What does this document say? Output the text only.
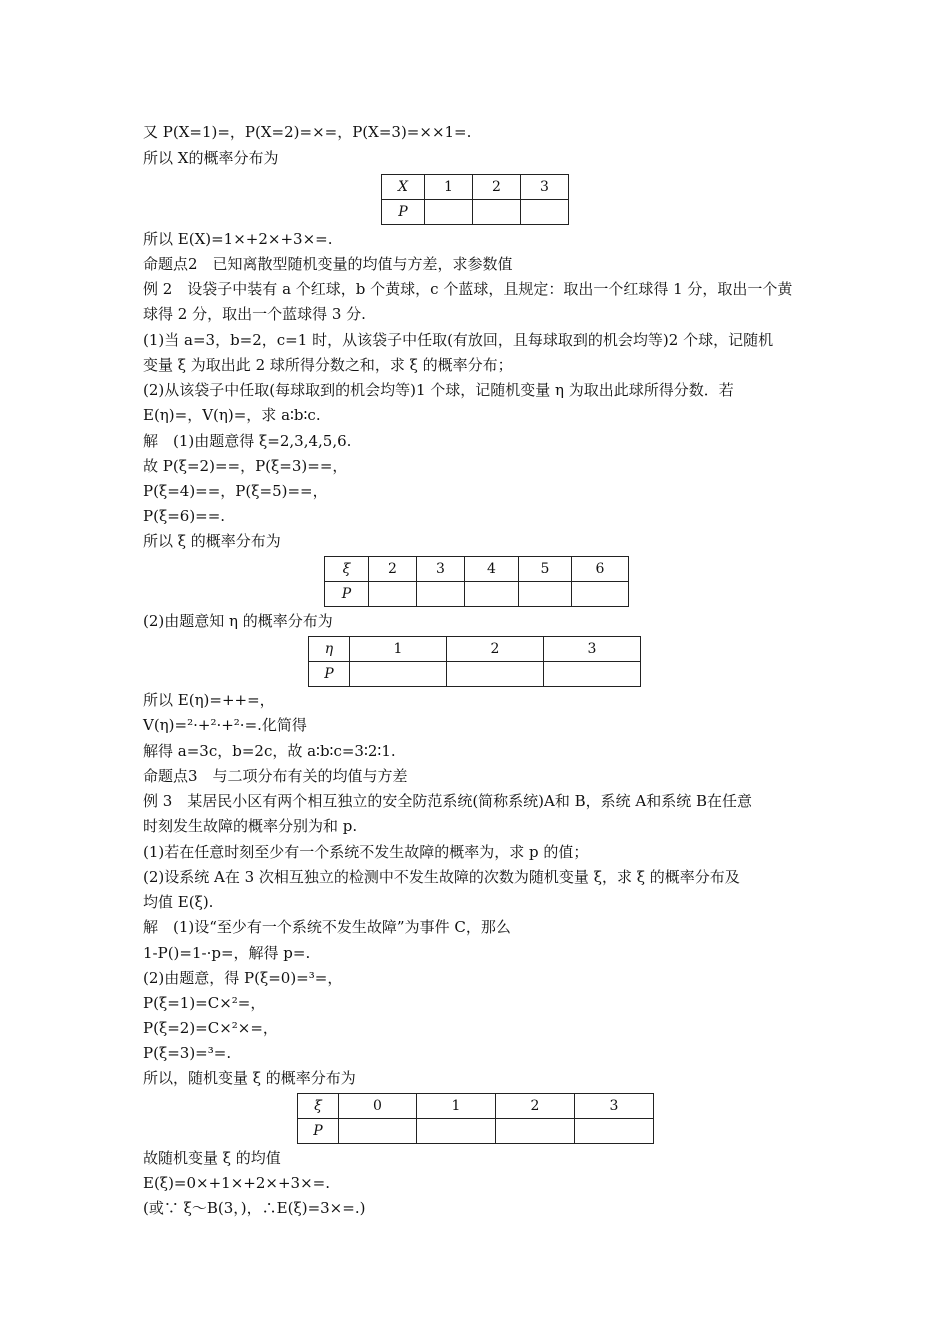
又 P(X=1)=，P(X=2)=×=，P(X=3)=××1=.
所以 X的概率分布为
X	1	2	3
P			
所以 E(X)=1×+2×+3×=.
命题点2　已知离散型随机变量的均值与方差，求参数值
例 2　设袋子中装有 a 个红球，b 个黄球，c 个蓝球，且规定：取出一个红球得 1 分，取出一个黄
球得 2 分，取出一个蓝球得 3 分.
(1)当 a=3，b=2，c=1 时，从该袋子中任取(有放回，且每球取到的机会均等)2 个球，记随机
变量 ξ 为取出此 2 球所得分数之和，求 ξ 的概率分布；
(2)从该袋子中任取(每球取到的机会均等)1 个球，记随机变量 η 为取出此球所得分数．若
E(η)=，V(η)=，求 a∶b∶c.
解　(1)由题意得 ξ=2,3,4,5,6.
故 P(ξ=2)==，P(ξ=3)==，
P(ξ=4)==，P(ξ=5)==，
P(ξ=6)==.
所以 ξ 的概率分布为
ξ	2	3	4	5	6
P					
(2)由题意知 η 的概率分布为
η	1	2	3
P			
所以 E(η)=++=，
V(η)=²·+²·+²·=.化简得
解得 a=3c，b=2c，故 a∶b∶c=3∶2∶1.
命题点3　与二项分布有关的均值与方差
例 3　某居民小区有两个相互独立的安全防范系统(简称系统)A和 B，系统 A和系统 B在任意
时刻发生故障的概率分别为和 p.
(1)若在任意时刻至少有一个系统不发生故障的概率为，求 p 的值；
(2)设系统 A在 3 次相互独立的检测中不发生故障的次数为随机变量 ξ，求 ξ 的概率分布及
均值 E(ξ).
解　(1)设“至少有一个系统不发生故障”为事件 C，那么
1-P()=1-·p=，解得 p=.
(2)由题意，得 P(ξ=0)=³=，
P(ξ=1)=C×²=，
P(ξ=2)=C×²×=，
P(ξ=3)=³=.
所以，随机变量 ξ 的概率分布为
ξ	0	1	2	3
P				
故随机变量 ξ 的均值
E(ξ)=0×+1×+2×+3×=.
(或∵ ξ～B(3，)，∴E(ξ)=3×=.)
